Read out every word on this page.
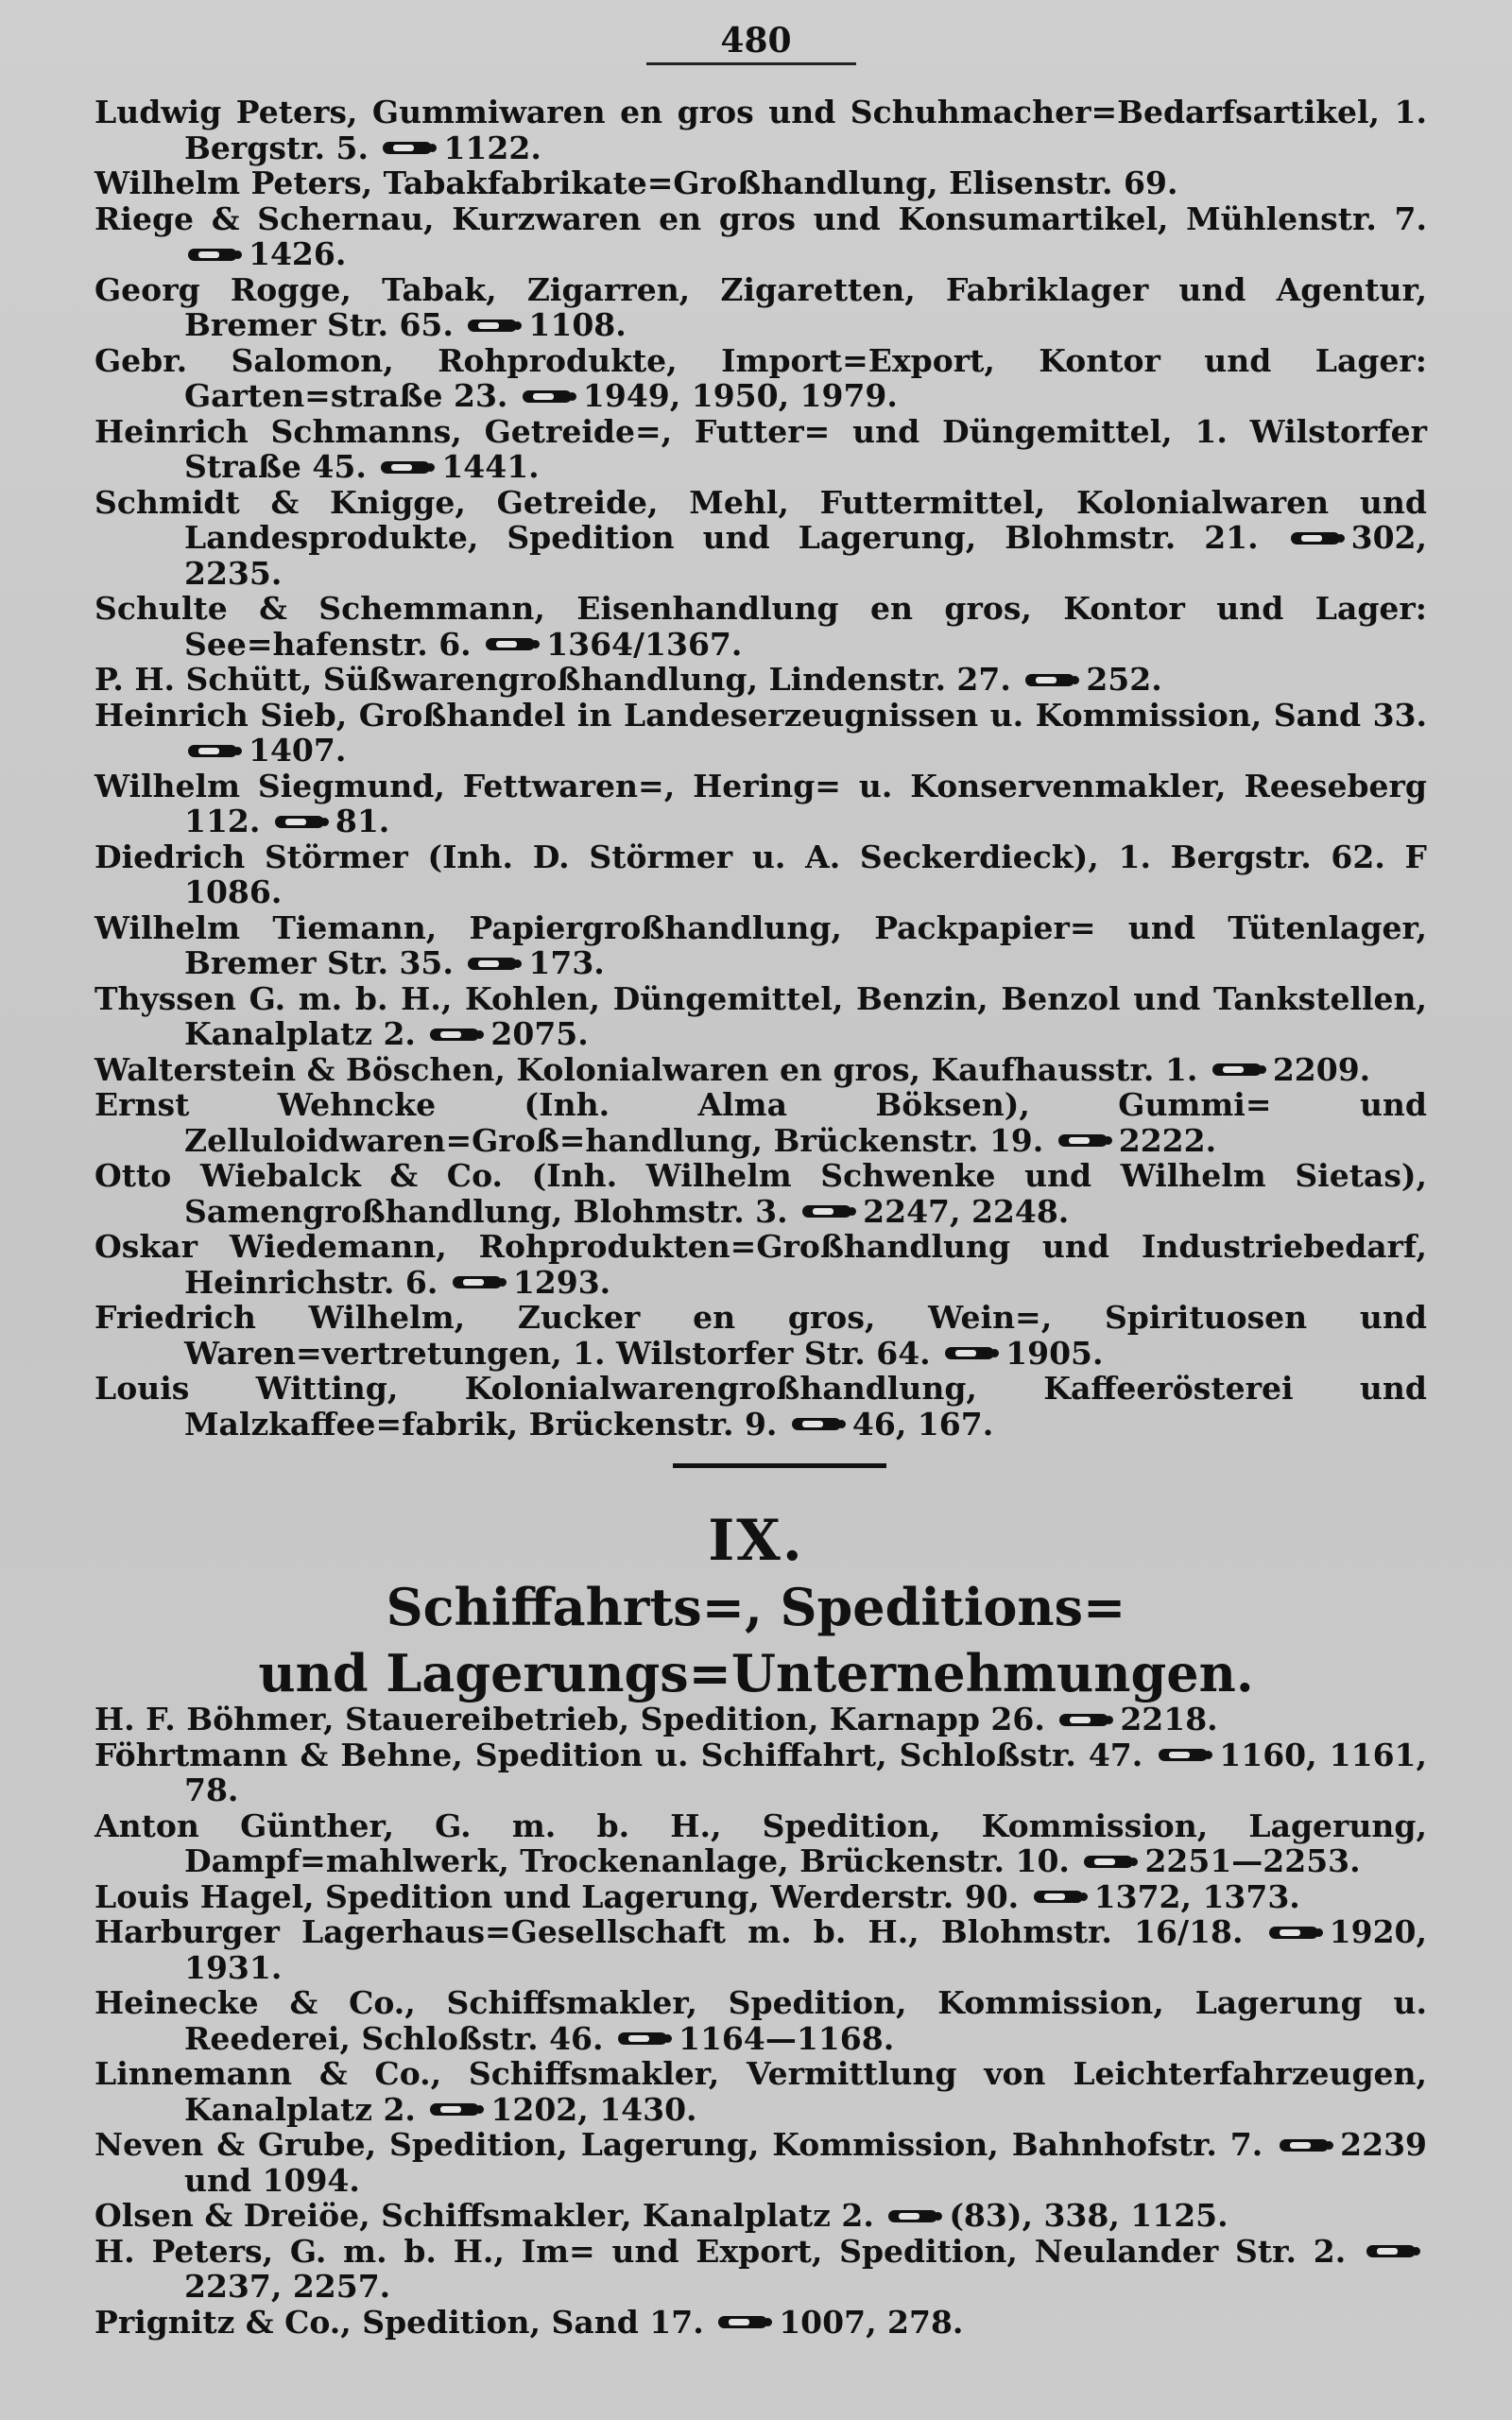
480
Ludwig Peters, Gummiwaren en gros und Schuhmacher=Bedarfsartikel, 1. Bergstr. 5. 1122.
Wilhelm Peters, Tabakfabrikate=Großhandlung, Elisenstr. 69.
Riege & Schernau, Kurzwaren en gros und Konsumartikel, Mühlenstr. 7. 1426.
Georg Rogge, Tabak, Zigarren, Zigaretten, Fabriklager und Agentur, Bremer Str. 65. 1108.
Gebr. Salomon, Rohprodukte, Import=Export, Kontor und Lager: Garten=straße 23. 1949, 1950, 1979.
Heinrich Schmanns, Getreide=, Futter= und Düngemittel, 1. Wilstorfer Straße 45. 1441.
Schmidt & Knigge, Getreide, Mehl, Futtermittel, Kolonialwaren und Landesprodukte, Spedition und Lagerung, Blohmstr. 21.	302, 2235.
Schulte & Schemmann, Eisenhandlung en gros, Kontor und Lager: See=hafenstr. 6. 1364/1367.
P. H. Schütt, Süßwarengroßhandlung, Lindenstr. 27. 252.
Heinrich Sieb, Großhandel in Landeserzeugnissen u. Kommission, Sand 33. 1407.
Wilhelm Siegmund, Fettwaren=, Hering= u. Konservenmakler, Reeseberg 112. 81.
Diedrich Störmer (Inh. D. Störmer u. A. Seckerdieck), 1. Bergstr. 62. F 1086.
Wilhelm Tiemann, Papiergroßhandlung, Packpapier= und Tütenlager, Bremer Str. 35. 173.
Thyssen G. m. b. H., Kohlen, Düngemittel, Benzin, Benzol und Tankstellen, Kanalplatz 2. 2075.
Walterstein & Böschen, Kolonialwaren en gros, Kaufhausstr. 1. 2209.
Ernst Wehncke (Inh. Alma Böksen), Gummi= und Zelluloidwaren=Groß=handlung, Brückenstr. 19. 2222.
Otto Wiebalck & Co. (Inh. Wilhelm Schwenke und Wilhelm Sietas), Samengroßhandlung, Blohmstr. 3. 2247, 2248.
Oskar Wiedemann, Rohprodukten=Großhandlung und Industriebedarf, Heinrichstr. 6. 1293.
Friedrich Wilhelm, Zucker en gros, Wein=, Spirituosen und Waren=vertretungen, 1. Wilstorfer Str. 64. 1905.
Louis Witting, Kolonialwarengroßhandlung, Kaffeerösterei und Malzkaffee=fabrik, Brückenstr. 9. 46, 167.
IX.
Schiffahrts=, Speditions=
und Lagerungs=Unternehmungen.
H. F. Böhmer, Stauereibetrieb, Spedition, Karnapp 26. 2218.
Föhrtmann & Behne, Spedition u. Schiffahrt, Schloßstr. 47. 1160, 1161, 78.
Anton Günther, G. m. b. H., Spedition, Kommission, Lagerung, Dampf=mahlwerk, Trockenanlage, Brückenstr. 10. 2251—2253.
Louis Hagel, Spedition und Lagerung, Werderstr. 90. 1372, 1373.
Harburger Lagerhaus=Gesellschaft m. b. H., Blohmstr. 16/18.	1920, 1931.
Heinecke & Co., Schiffsmakler, Spedition, Kommission, Lagerung u. Reederei, Schloßstr. 46. 1164—1168.
Linnemann & Co., Schiffsmakler, Vermittlung von Leichterfahrzeugen, Kanalplatz 2. 1202, 1430.
Neven & Grube, Spedition, Lagerung, Kommission, Bahnhofstr. 7. 2239 und 1094.
Olsen & Dreiöe, Schiffsmakler, Kanalplatz 2. (83), 338, 1125.
H. Peters, G. m. b. H., Im= und Export, Spedition, Neulander Str. 2. 2237, 2257.
Prignitz & Co., Spedition, Sand 17. 1007, 278.
